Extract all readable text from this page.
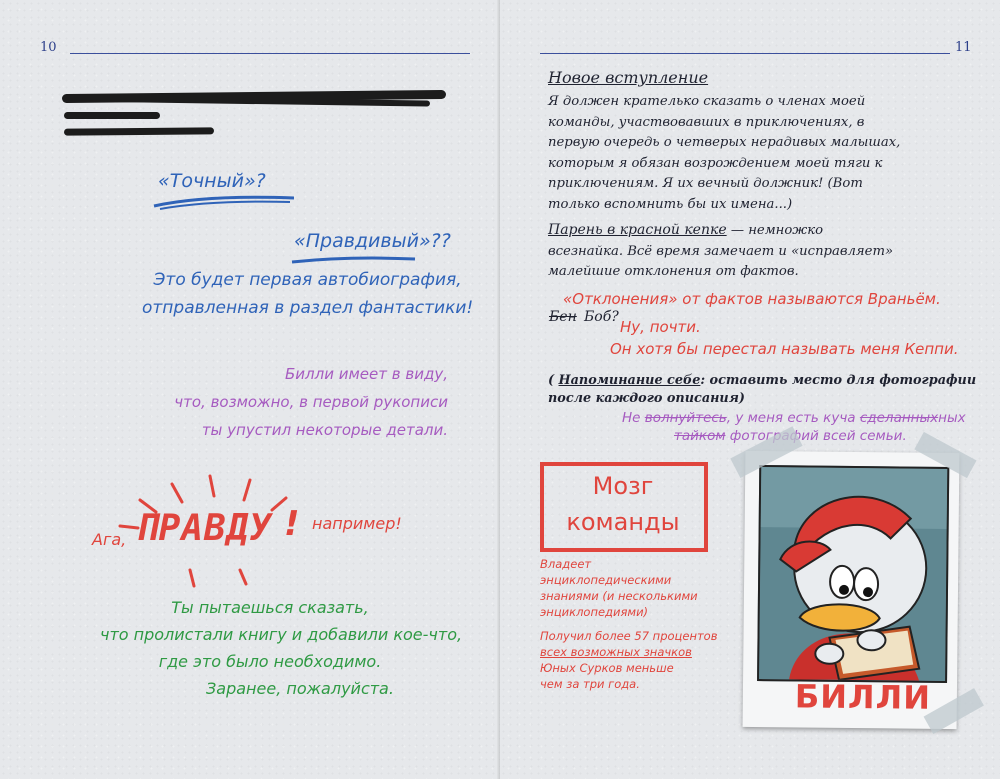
10
«Точный»?
«Правдивый»??
Это будет первая автобиография,
отправленная в раздел фантастики!
Билли имеет в виду,
что, возможно, в первой рукописи
ты упустил некоторые детали.
Ага, ПРАВДУ ! например!
Ты пытаешься сказать,
что пролистали книгу и добавили кое-что,
где это было необходимо.
Заранее, пожалуйста.
11
Новое вступление
Я должен крателько сказать о членах моей
команды, участвовавших в приключениях, в
первую очередь о четверых нерадивых малышах,
которым я обязан возрождением моей тяги к
приключениям. Я их вечный должник! (Вот
только вспомнить бы их имена...)
Парень в красной кепке — немножко
всезнайка. Всё время замечает и «исправляет»
малейшие отклонения от фактов.
«Отклонения» от фактов называются Враньём.
Бен Боб?
Ну, почти.
Он хотя бы перестал называть меня Кеппи.
( Напоминание себе: оставить место для фотографии
после каждого описания)
Не волнуйтесь, у меня есть куча сделанныхных
тайком фотографий всей семьи.
Мозг
команды
Владеет
энциклопедическими
знаниями (и несколькими
энциклопедиями)
Получил более 57 процентов
всех возможных значков
Юных Сурков меньше
чем за три года.	БИЛЛИ
